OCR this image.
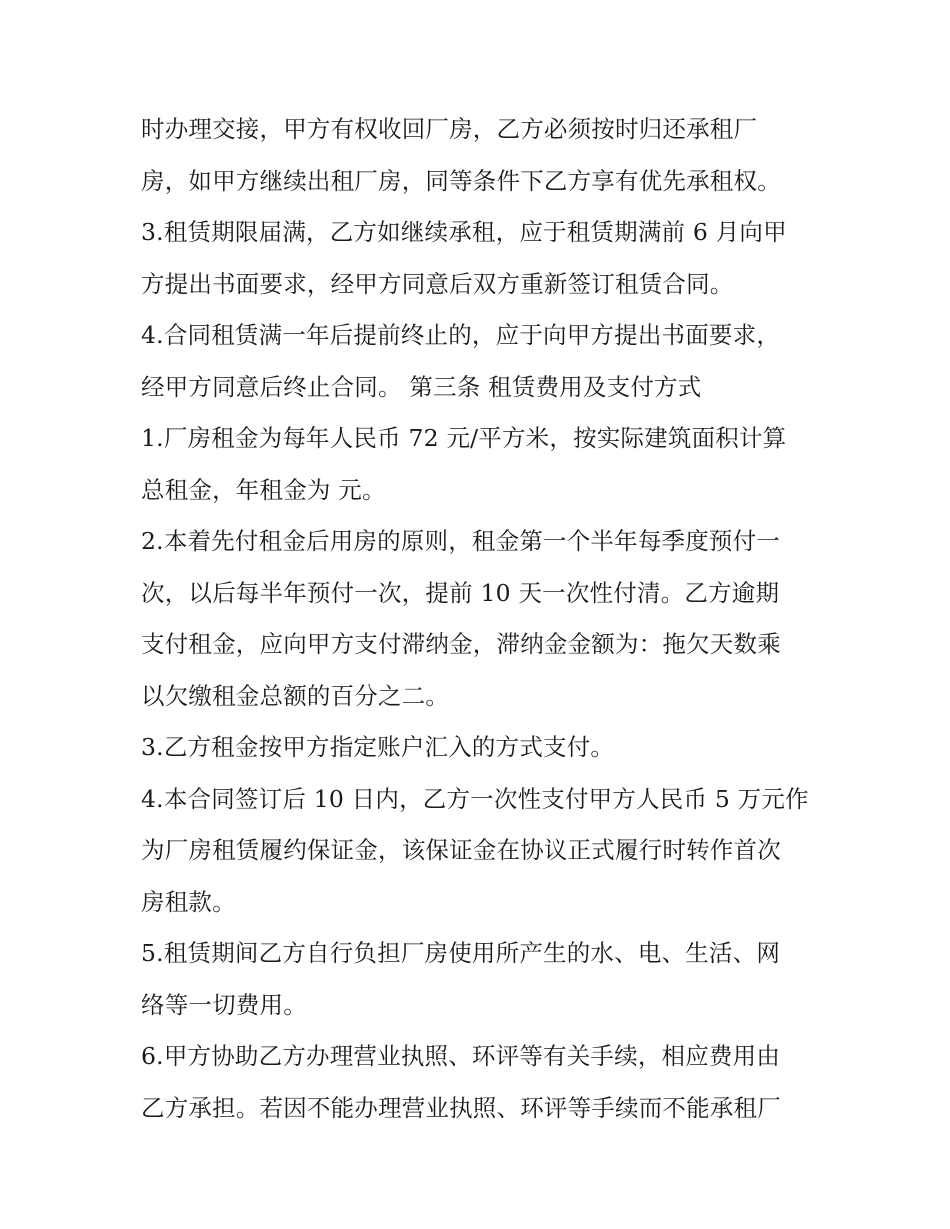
时办理交接，甲方有权收回厂房，乙方必须按时归还承租厂
房，如甲方继续出租厂房，同等条件下乙方享有优先承租权。
3.租赁期限届满，乙方如继续承租，应于租赁期满前 6 月向甲
方提出书面要求，经甲方同意后双方重新签订租赁合同。
4.合同租赁满一年后提前终止的，应于向甲方提出书面要求，
经甲方同意后终止合同。 第三条 租赁费用及支付方式
1.厂房租金为每年人民币 72 元/平方米，按实际建筑面积计算
总租金，年租金为 元。
2.本着先付租金后用房的原则，租金第一个半年每季度预付一
次，以后每半年预付一次，提前 10 天一次性付清。乙方逾期
支付租金，应向甲方支付滞纳金，滞纳金金额为：拖欠天数乘
以欠缴租金总额的百分之二。
3.乙方租金按甲方指定账户汇入的方式支付。
4.本合同签订后 10 日内，乙方一次性支付甲方人民币 5 万元作
为厂房租赁履约保证金，该保证金在协议正式履行时转作首次
房租款。
5.租赁期间乙方自行负担厂房使用所产生的水、电、生活、网
络等一切费用。
6.甲方协助乙方办理营业执照、环评等有关手续，相应费用由
乙方承担。若因不能办理营业执照、环评等手续而不能承租厂
